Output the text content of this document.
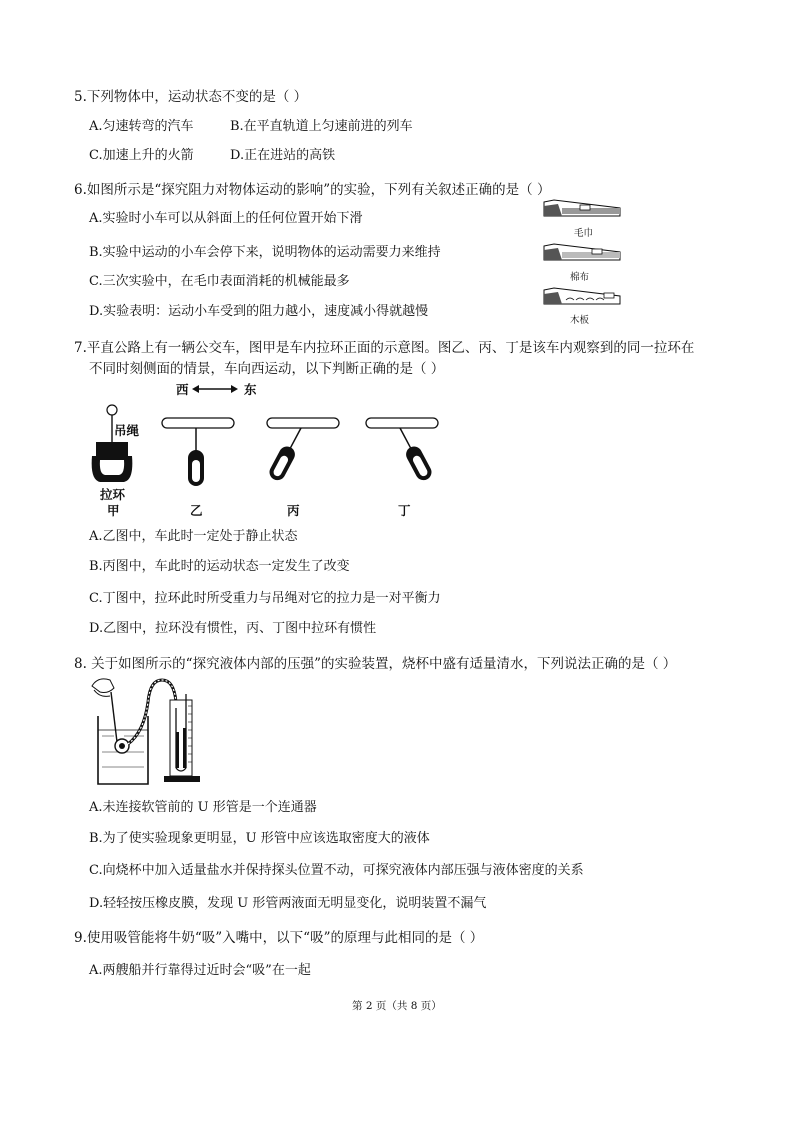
5.下列物体中，运动状态不变的是（ ）
A.匀速转弯的汽车	B.在平直轨道上匀速前进的列车
C.加速上升的火箭	D.正在进站的高铁
6.如图所示是“探究阻力对物体运动的影响”的实验，下列有关叙述正确的是（ ）
A.实验时小车可以从斜面上的任何位置开始下滑
B.实验中运动的小车会停下来，说明物体的运动需要力来维持
C.三次实验中，在毛巾表面消耗的机械能最多
D.实验表明：运动小车受到的阻力越小，速度减小得就越慢
毛巾
棉布
木板
7.平直公路上有一辆公交车，图甲是车内拉环正面的示意图。图乙、丙、丁是该车内观察到的同一拉环在
不同时刻侧面的情景，车向西运动，以下判断正确的是（ ）
西	东
吊绳
拉环
甲	乙	丙	丁
A.乙图中，车此时一定处于静止状态
B.丙图中，车此时的运动状态一定发生了改变
C.丁图中，拉环此时所受重力与吊绳对它的拉力是一对平衡力
D.乙图中，拉环没有惯性，丙、丁图中拉环有惯性
8. 关于如图所示的“探究液体内部的压强”的实验装置，烧杯中盛有适量清水，下列说法正确的是（ ）
A.未连接软管前的 U 形管是一个连通器
B.为了使实验现象更明显，U 形管中应该选取密度大的液体
C.向烧杯中加入适量盐水并保持探头位置不动，可探究液体内部压强与液体密度的关系
D.轻轻按压橡皮膜，发现 U 形管两液面无明显变化，说明装置不漏气
9.使用吸管能将牛奶“吸”入嘴中，以下“吸”的原理与此相同的是（ ）
A.两艘船并行靠得过近时会“吸”在一起
第 2 页（共 8 页）
